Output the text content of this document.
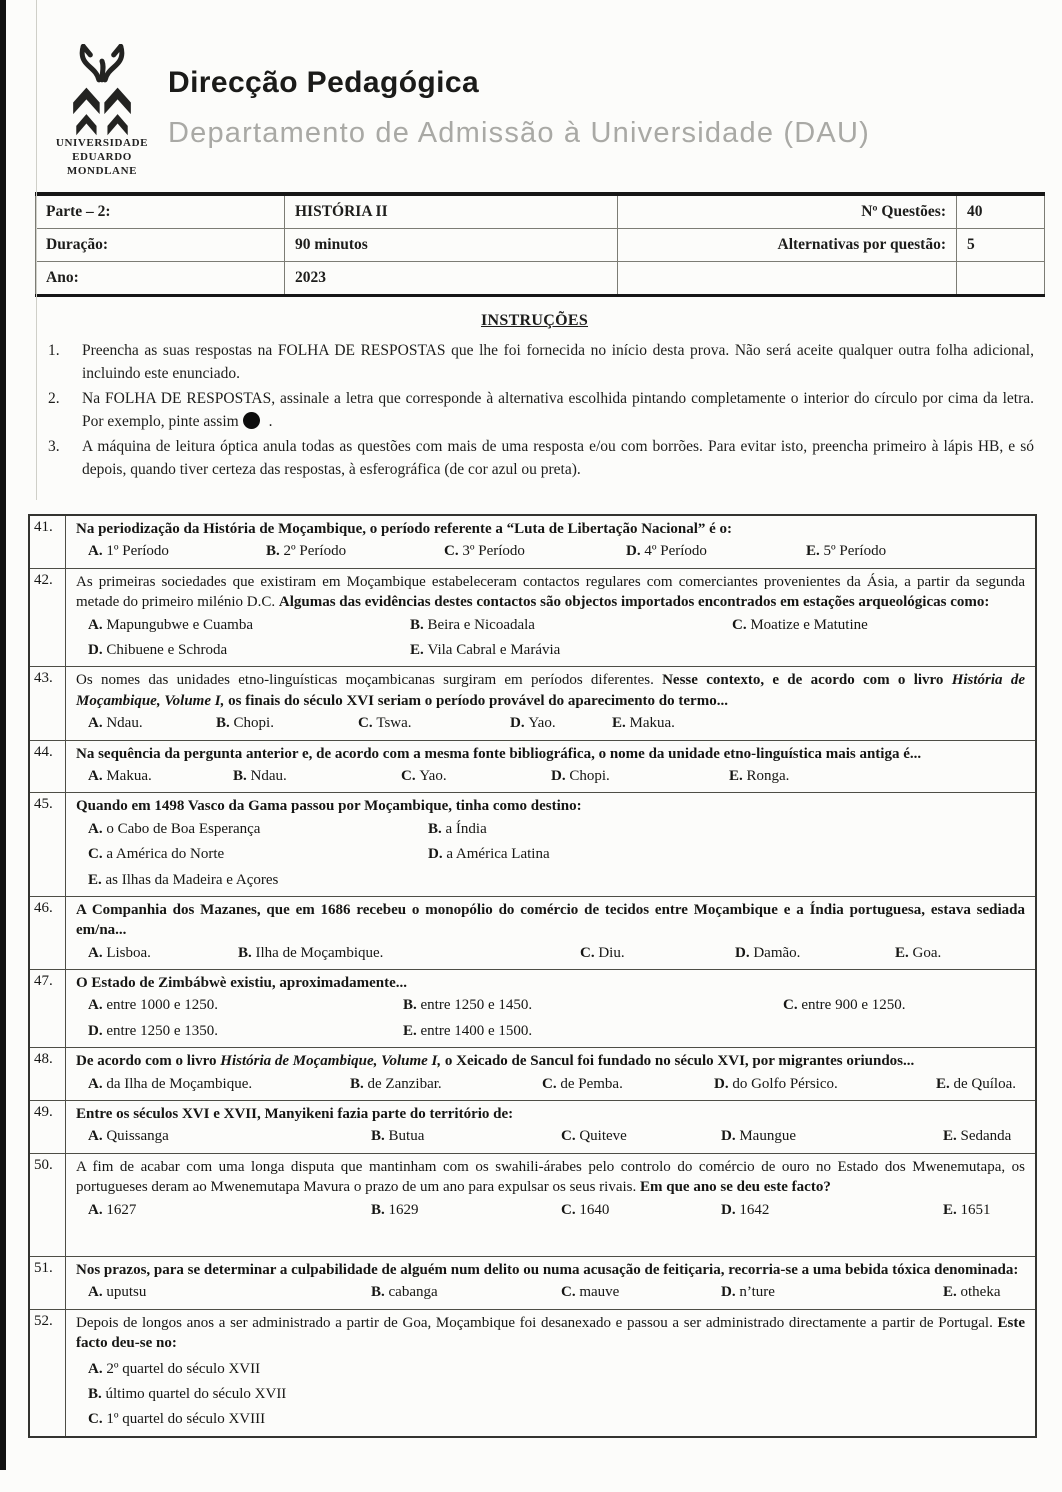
UNIVERSIDADE
EDUARDO
MONDLANE
Direcção Pedagógica
Departamento de Admissão à Universidade (DAU)
Parte – 2:	HISTÓRIA II	Nº Questões:	40
Duração:	90 minutos	Alternativas por questão:	5
Ano:	2023		
INSTRUÇÕES
1.	Preencha as suas respostas na FOLHA DE RESPOSTAS que lhe foi fornecida no início desta prova. Não será aceite qualquer outra folha adicional, incluindo este enunciado.
2.	Na FOLHA DE RESPOSTAS, assinale a letra que corresponde à alternativa escolhida pintando completamente o interior do círculo por cima da letra. Por exemplo, pinte assim .
3.	A máquina de leitura óptica anula todas as questões com mais de uma resposta e/ou com borrões. Para evitar isto, preencha primeiro à lápis HB, e só depois, quando tiver certeza das respostas, à esferográfica (de cor azul ou preta).
41.	Na periodização da História de Moçambique, o período referente a “Luta de Libertação Nacional” é o:

A. 1º Período	B. 2º Período	C. 3º Período	D. 4º Período	E. 5º Período
42.	As primeiras sociedades que existiram em Moçambique estabeleceram contactos regulares com comerciantes provenientes da Ásia, a partir da segunda metade do primeiro milénio D.C. Algumas das evidências destes contactos são objectos importados encontrados em estações arqueológicas como:

A. Mapungubwe e Cuamba	B. Beira e Nicoadala	C. Moatize e Matutine
D. Chibuene e Schroda	E. Vila Cabral e Marávia
43.	Os nomes das unidades etno-linguísticas moçambicanas surgiram em períodos diferentes. Nesse contexto, e de acordo com o livro História de Moçambique, Volume I, os finais do século XVI seriam o período provável do aparecimento do termo...

A. Ndau.	B. Chopi.	C. Tswa.	D. Yao.	E. Makua.
44.	Na sequência da pergunta anterior e, de acordo com a mesma fonte bibliográfica, o nome da unidade etno-linguística mais antiga é...

A. Makua.	B. Ndau.	C. Yao.	D. Chopi.	E. Ronga.
45.	Quando em 1498 Vasco da Gama passou por Moçambique, tinha como destino:

A. o Cabo de Boa Esperança	B. a Índia
C. a América do Norte	D. a América Latina
E. as Ilhas da Madeira e Açores
46.	A Companhia dos Mazanes, que em 1686 recebeu o monopólio do comércio de tecidos entre Moçambique e a Índia portuguesa, estava sediada em/na...

A. Lisboa.	B. Ilha de Moçambique.	C. Diu.	D. Damão.	E. Goa.
47.	O Estado de Zimbábwè existiu, aproximadamente...

A. entre 1000 e 1250.	B. entre 1250 e 1450.	C. entre 900 e 1250.
D. entre 1250 e 1350.	E. entre 1400 e 1500.
48.	De acordo com o livro História de Moçambique, Volume I, o Xeicado de Sancul foi fundado no século XVI, por migrantes oriundos...

A. da Ilha de Moçambique.	B. de Zanzibar.	C. de Pemba.	D. do Golfo Pérsico.	E. de Quíloa.
49.	Entre os séculos XVI e XVII, Manyikeni fazia parte do território de:

A. Quissanga	B. Butua	C. Quiteve	D. Maungue	E. Sedanda
50.	A fim de acabar com uma longa disputa que mantinham com os swahili-árabes pelo controlo do comércio de ouro no Estado dos Mwenemutapa, os portugueses deram ao Mwenemutapa Mavura o prazo de um ano para expulsar os seus rivais. Em que ano se deu este facto?

A. 1627	B. 1629	C. 1640	D. 1642	E. 1651
51.	Nos prazos, para se determinar a culpabilidade de alguém num delito ou numa acusação de feitiçaria, recorria-se a uma bebida tóxica denominada:

A. uputsu	B. cabanga	C. mauve	D. n’ture	E. otheka
52.	Depois de longos anos a ser administrado a partir de Goa, Moçambique foi desanexado e passou a ser administrado directamente a partir de Portugal. Este facto deu-se no:

A. 2º quartel do século XVII
B. último quartel do século XVII
C. 1º quartel do século XVIII
